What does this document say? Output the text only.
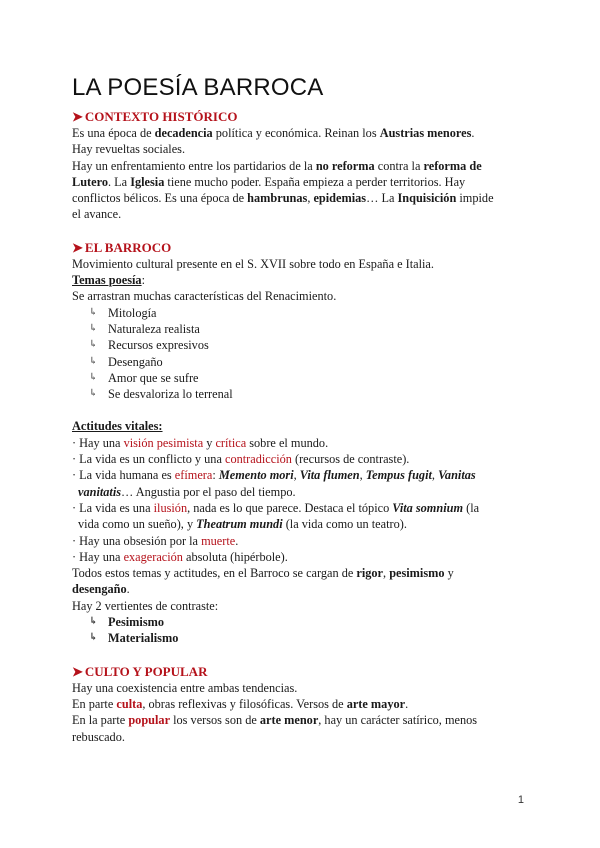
LA POESÍA BARROCA
➤ CONTEXTO HISTÓRICO

Es una época de decadencia política y económica. Reinan los Austrias menores.

Hay revueltas sociales.

Hay un enfrentamiento entre los partidarios de la no reforma contra la reforma de

Lutero. La Iglesia tiene mucho poder. España empieza a perder territorios. Hay

conflictos bélicos. Es una época de hambrunas, epidemias… La Inquisición impide

el avance.

➤ EL BARROCO

Movimiento cultural presente en el S. XVII sobre todo en España e Italia.

Temas poesía:

Se arrastran muchas características del Renacimiento.

↳ Mitología
↳ Naturaleza realista
↳ Recursos expresivos
↳ Desengaño
↳ Amor que se sufre
↳ Se desvaloriza lo terrenal

Actitudes vitales:

· Hay una visión pesimista y crítica sobre el mundo.

· La vida es un conflicto y una contradicción (recursos de contraste).

· La vida humana es efímera: Memento mori, Vita flumen, Tempus fugit, Vanitas

vanitatis… Angustia por el paso del tiempo.

· La vida es una ilusión, nada es lo que parece. Destaca el tópico Vita somnium (la

vida como un sueño), y Theatrum mundi (la vida como un teatro).

· Hay una obsesión por la muerte.

· Hay una exageración absoluta (hipérbole).

Todos estos temas y actitudes, en el Barroco se cargan de rigor, pesimismo y

desengaño.

Hay 2 vertientes de contraste:

↳ Pesimismo
↳ Materialismo
➤ CULTO Y POPULAR

Hay una coexistencia entre ambas tendencias.

En parte culta, obras reflexivas y filosóficas. Versos de arte mayor.

En la parte popular los versos son de arte menor, hay un carácter satírico, menos

rebuscado.

1
